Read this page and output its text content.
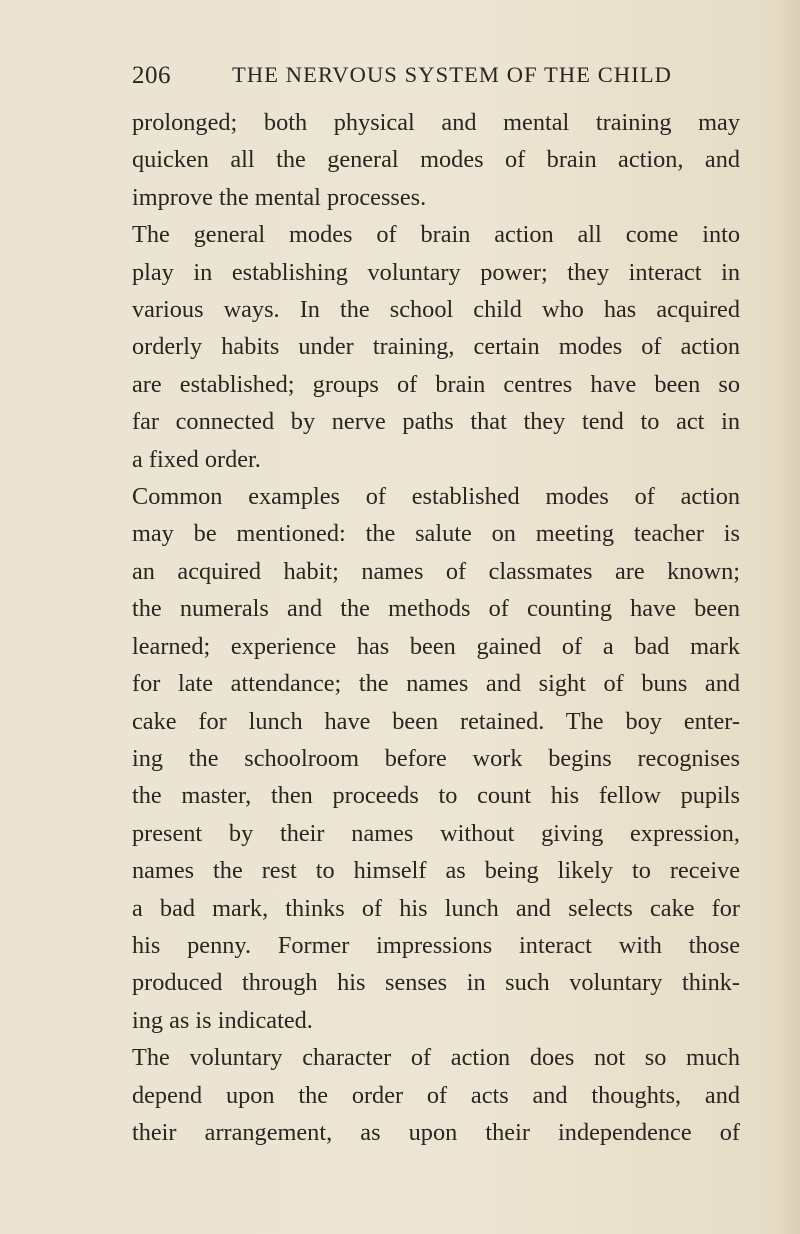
206	THE NERVOUS SYSTEM OF THE CHILD
prolonged; both physical and mental training may
quicken all the general modes of brain action, and
improve the mental processes.
The general modes of brain action all come into
play in establishing voluntary power; they interact in
various ways. In the school child who has acquired
orderly habits under training, certain modes of action
are established; groups of brain centres have been so
far connected by nerve paths that they tend to act in
a fixed order.
Common examples of established modes of action
may be mentioned: the salute on meeting teacher is
an acquired habit; names of classmates are known;
the numerals and the methods of counting have been
learned; experience has been gained of a bad mark
for late attendance; the names and sight of buns and
cake for lunch have been retained. The boy enter-
ing the schoolroom before work begins recognises
the master, then proceeds to count his fellow pupils
present by their names without giving expression,
names the rest to himself as being likely to receive
a bad mark, thinks of his lunch and selects cake for
his penny. Former impressions interact with those
produced through his senses in such voluntary think-
ing as is indicated.
The voluntary character of action does not so much
depend upon the order of acts and thoughts, and
their arrangement, as upon their independence of
